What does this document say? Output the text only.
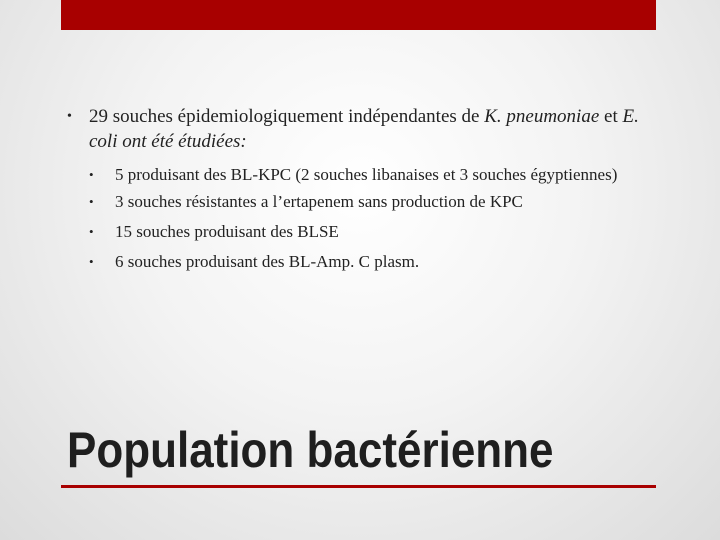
• 29 souches épidemiologiquement indépendantes de K. pneumoniae et E. coli ont été étudiées:
• 5 produisant des BL-KPC (2 souches libanaises et 3 souches égyptiennes)
• 3 souches résistantes a l’ertapenem sans production de KPC
• 15 souches produisant des BLSE
• 6 souches produisant des BL-Amp. C plasm.
Population bactérienne
